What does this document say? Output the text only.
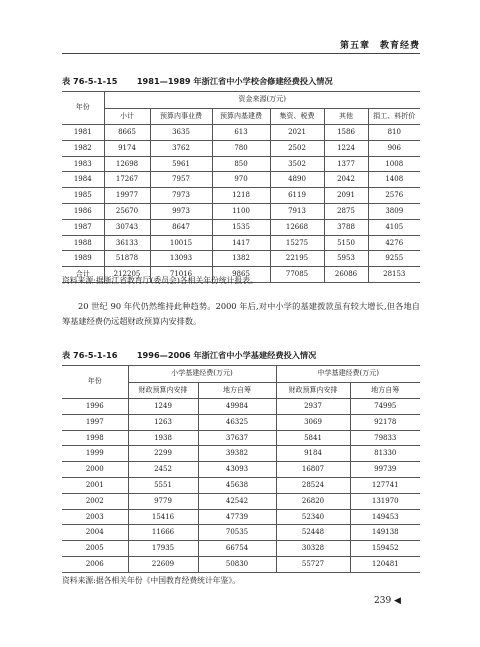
第五章　教育经费
表 76-5-1-15 1981—1989 年浙江省中小学校舍修建经费投入情况
年份	资金来源(万元)					
	小计	预算内事业费	预算内基建费	集资、税费	其他	捐工、料折价
1981	8665	3635	613	2021	1586	810
1982	9174	3762	780	2502	1224	906
1983	12698	5961	850	3502	1377	1008
1984	17267	7957	970	4890	2042	1408
1985	19977	7973	1218	6119	2091	2576
1986	25670	9973	1100	7913	2875	3809
1987	30743	8647	1535	12668	3788	4105
1988	36133	10015	1417	15275	5150	4276
1989	51878	13093	1382	22195	5953	9255
合计	212205	71016	9865	77085	26086	28153
资料来源:据浙江省教育厅(委员会)各相关年份统计报表。
20 世纪 90 年代仍然维持此种趋势。2000 年后,对中小学的基建拨款虽有较大增长,但各地自筹基建经费仍远超财政预算内安排数。
表 76-5-1-16 1996—2006 年浙江省中小学基建经费投入情况
年份	小学基建经费(万元)		中学基建经费(万元)	
	财政预算内安排	地方自筹	财政预算内安排	地方自筹
1996	1249	49984	2937	74995
1997	1263	46325	3069	92178
1998	1938	37637	5841	79833
1999	2299	39382	9184	81330
2000	2452	43093	16807	99739
2001	5551	45638	28524	127741
2002	9779	42542	26820	131970
2003	15416	47739	52340	149453
2004	11666	70535	52448	149138
2005	17935	66754	30328	159452
2006	22609	50830	55727	120481
资料来源:据各相关年份《中国教育经费统计年鉴》。
239 ◀
